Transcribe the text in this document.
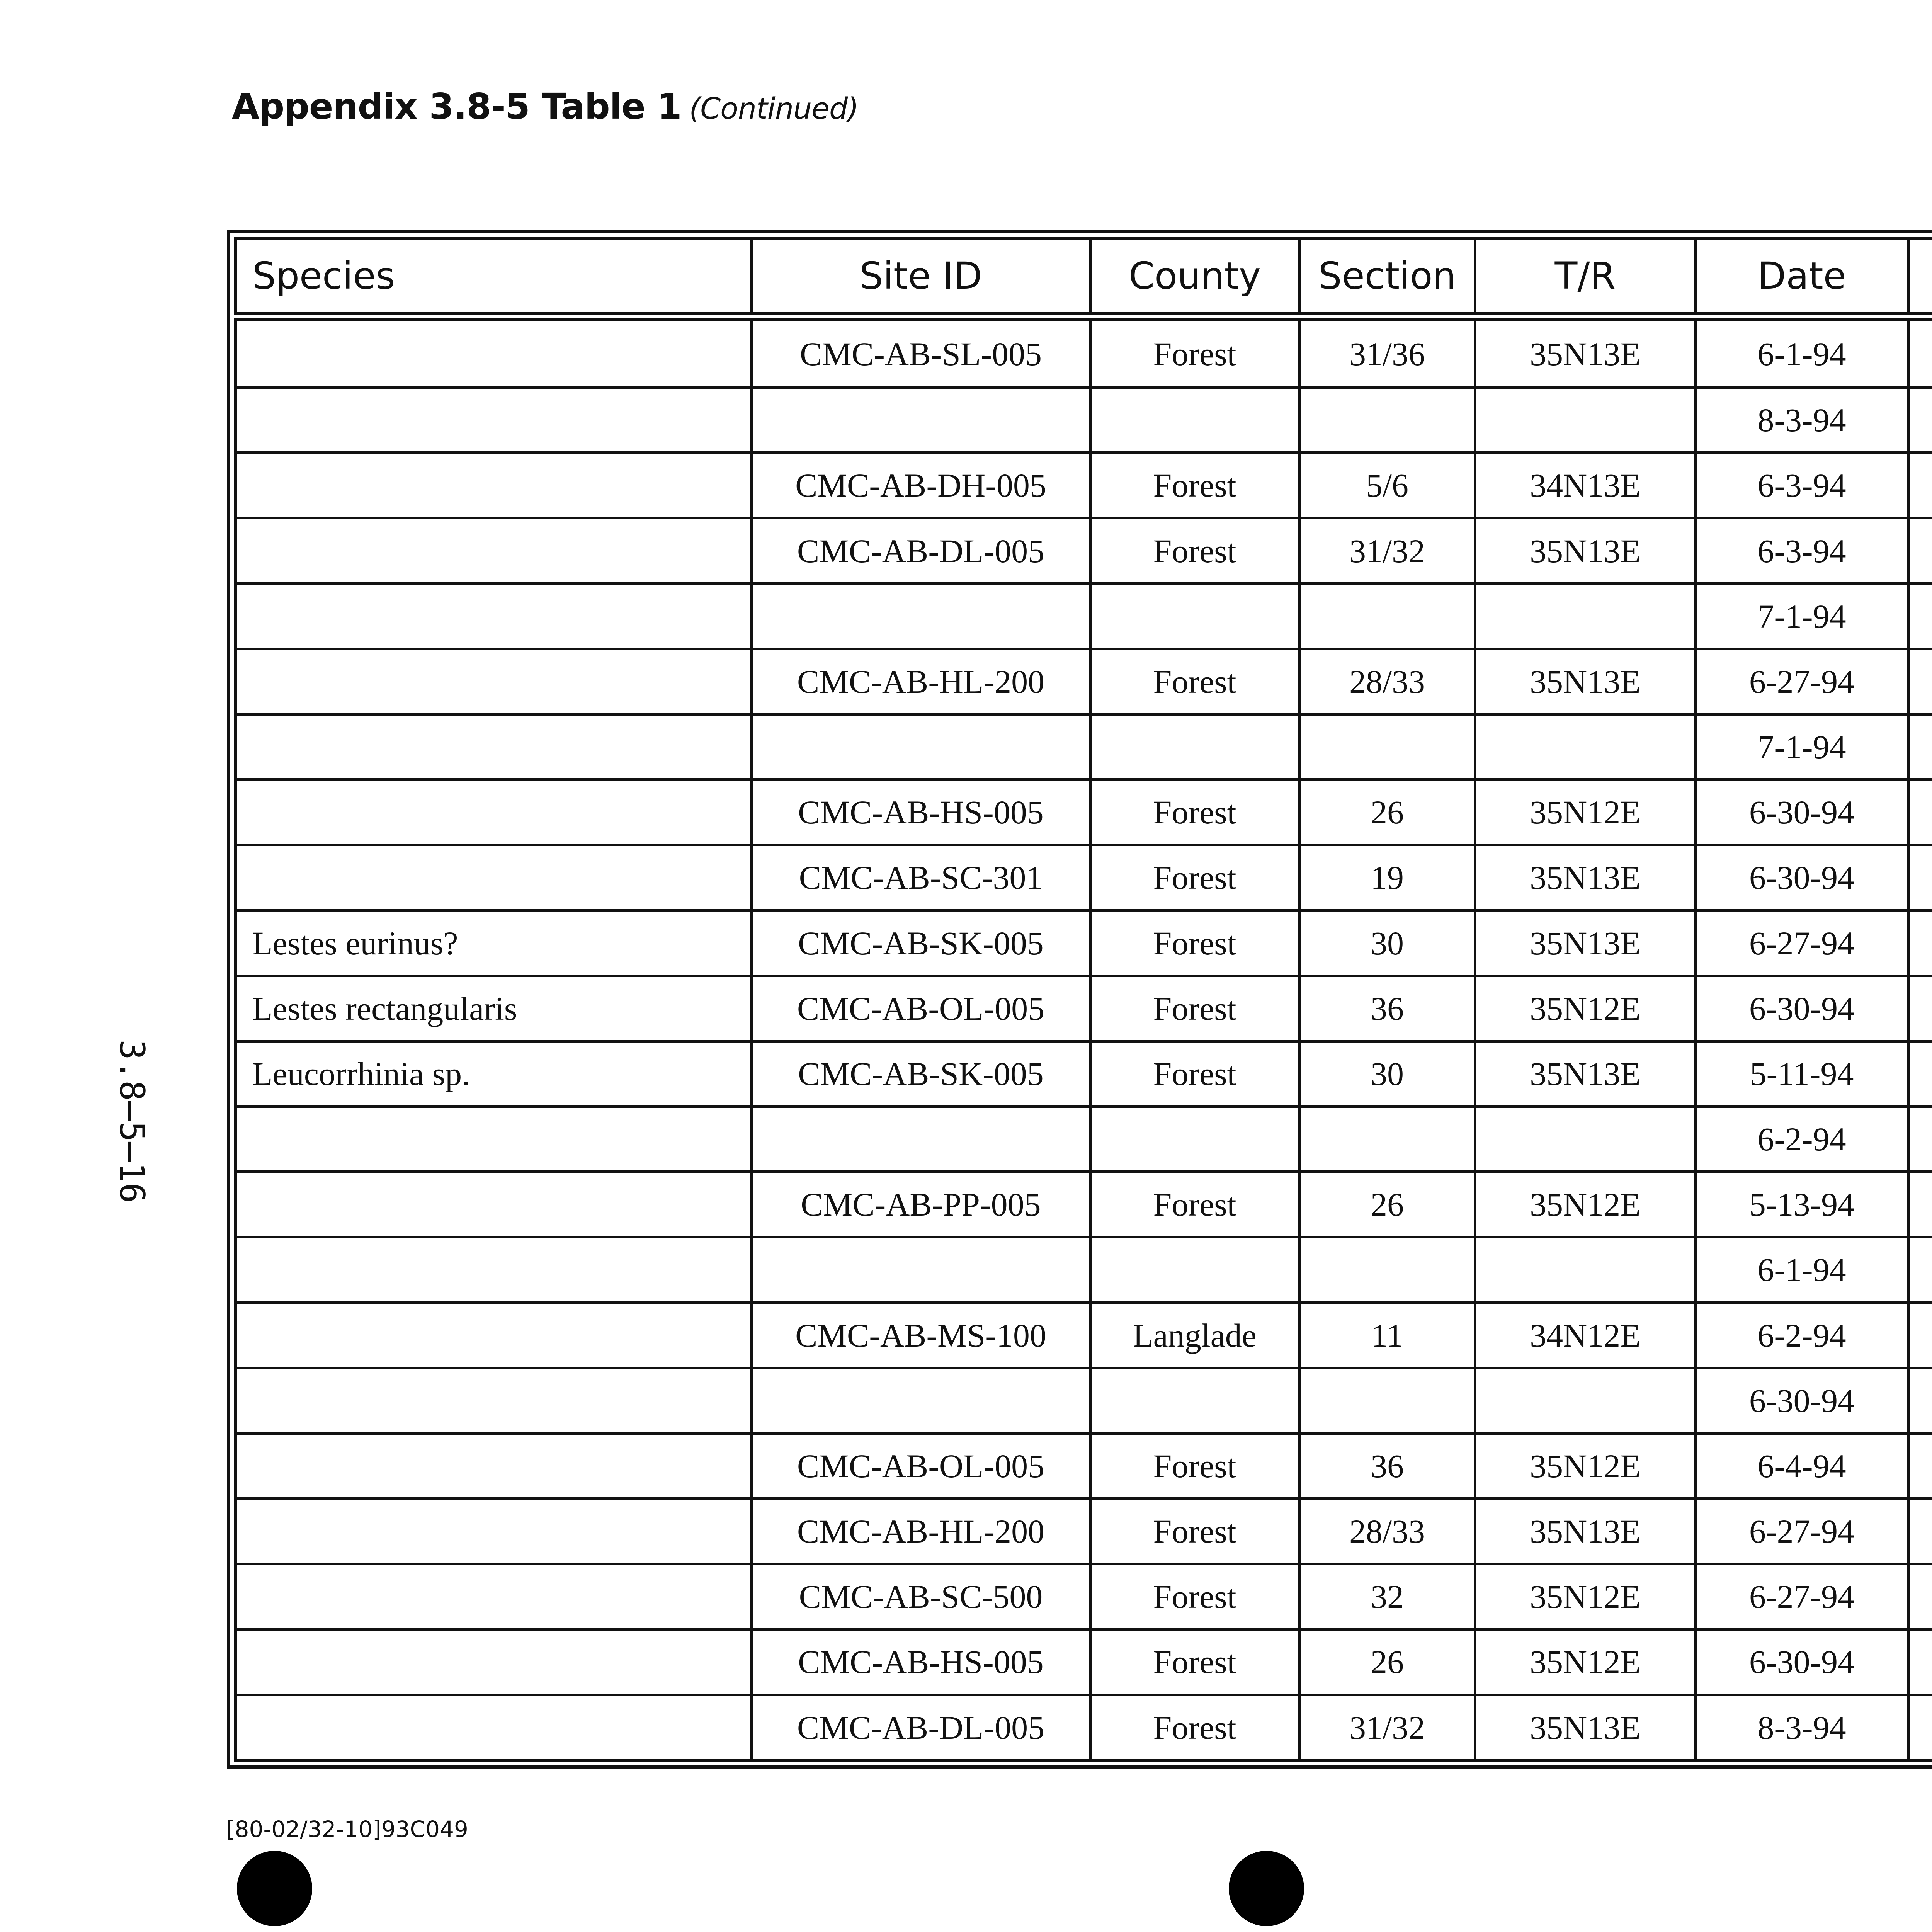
Appendix 3.8-5 Table 1 (Continued)
Species	Site ID	County	Section	T/R	Date			
	CMC-AB-SL-005	Forest	31/36	35N13E	6-1-94			
					8-3-94			
	CMC-AB-DH-005	Forest	5/6	34N13E	6-3-94			
	CMC-AB-DL-005	Forest	31/32	35N13E	6-3-94			
					7-1-94			
	CMC-AB-HL-200	Forest	28/33	35N13E	6-27-94			
					7-1-94			
	CMC-AB-HS-005	Forest	26	35N12E	6-30-94			
	CMC-AB-SC-301	Forest	19	35N13E	6-30-94			
Lestes eurinus?	CMC-AB-SK-005	Forest	30	35N13E	6-27-94			
Lestes rectangularis	CMC-AB-OL-005	Forest	36	35N12E	6-30-94			
Leucorrhinia sp.	CMC-AB-SK-005	Forest	30	35N13E	5-11-94			
					6-2-94			
	CMC-AB-PP-005	Forest	26	35N12E	5-13-94			
					6-1-94			
	CMC-AB-MS-100	Langlade	11	34N12E	6-2-94			
					6-30-94			
	CMC-AB-OL-005	Forest	36	35N12E	6-4-94			
	CMC-AB-HL-200	Forest	28/33	35N13E	6-27-94			
	CMC-AB-SC-500	Forest	32	35N12E	6-27-94			
	CMC-AB-HS-005	Forest	26	35N12E	6-30-94			
	CMC-AB-DL-005	Forest	31/32	35N13E	8-3-94			
3.8–5–16
[80-02/32-10]93C049
